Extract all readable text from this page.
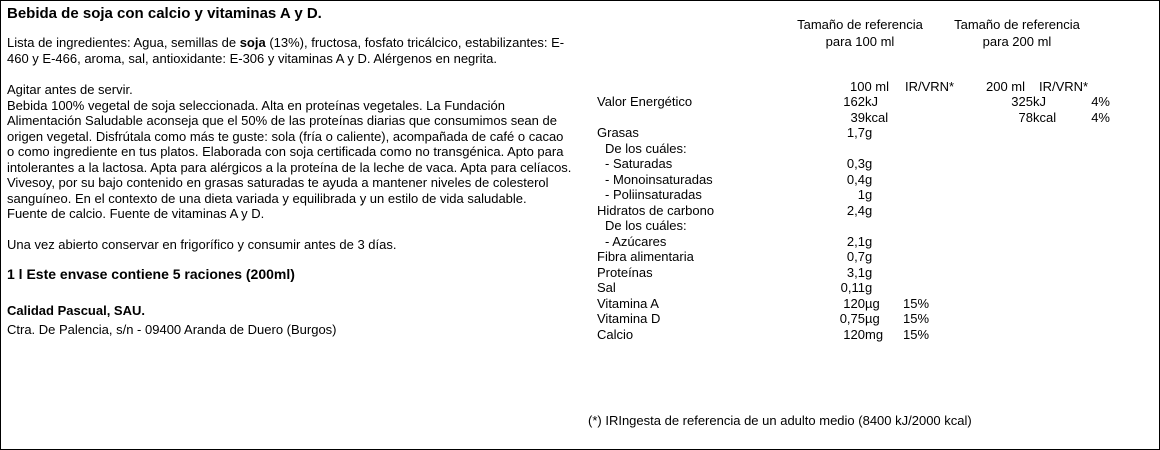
Bebida de soja con calcio y vitaminas A y D.

Lista de ingredientes: Agua, semillas de soja (13%), fructosa, fosfato tricálcico, estabilizantes: E-460 y E-466, aroma, sal, antioxidante: E-306 y vitaminas A y D. Alérgenos en negrita.

Agitar antes de servir.

Bebida 100% vegetal de soja seleccionada. Alta en proteínas vegetales. La Fundación Alimentación Saludable aconseja que el 50% de las proteínas diarias que consumimos sean de origen vegetal. Disfrútala como más te guste: sola (fría o caliente), acompañada de café o cacao o como ingrediente en tus platos. Elaborada con soja certificada como no transgénica. Apto para intolerantes a la lactosa. Apta para alérgicos a la proteína de la leche de vaca. Apta para celíacos. Vivesoy, por su bajo contenido en grasas saturadas te ayuda a mantener niveles de colesterol sanguíneo. En el contexto de una dieta variada y equilibrada y un estilo de vida saludable.

Fuente de calcio. Fuente de vitaminas A y D.

Una vez abierto conservar en frigorífico y consumir antes de 3 días.

1 l Este envase contiene 5 raciones (200ml)

Calidad Pascual, SAU.

Ctra. De Palencia, s/n - 09400 Aranda de Duero (Burgos)

Tamaño de referencia
para 100 ml
Tamaño de referencia
para 200 ml
100 ml IR/VRN* 200 ml IR/VRN*
Valor Energético	162	kJ		325	kJ	4%
	39	kcal		78	kcal	4%
Grasas	1,7	g				
De los cuáles:						
- Saturadas	0,3	g				
- Monoinsaturadas	0,4	g				
- Poliinsaturadas	1	g				
Hidratos de carbono	2,4	g				
De los cuáles:						
- Azúcares	2,1	g				
Fibra alimentaria	0,7	g				
Proteínas	3,1	g				
Sal	0,11	g				
Vitamina A	120	µg	15%			
Vitamina D	0,75	µg	15%			
Calcio	120	mg	15%			
(*) IRIngesta de referencia de un adulto medio (8400 kJ/2000 kcal)
